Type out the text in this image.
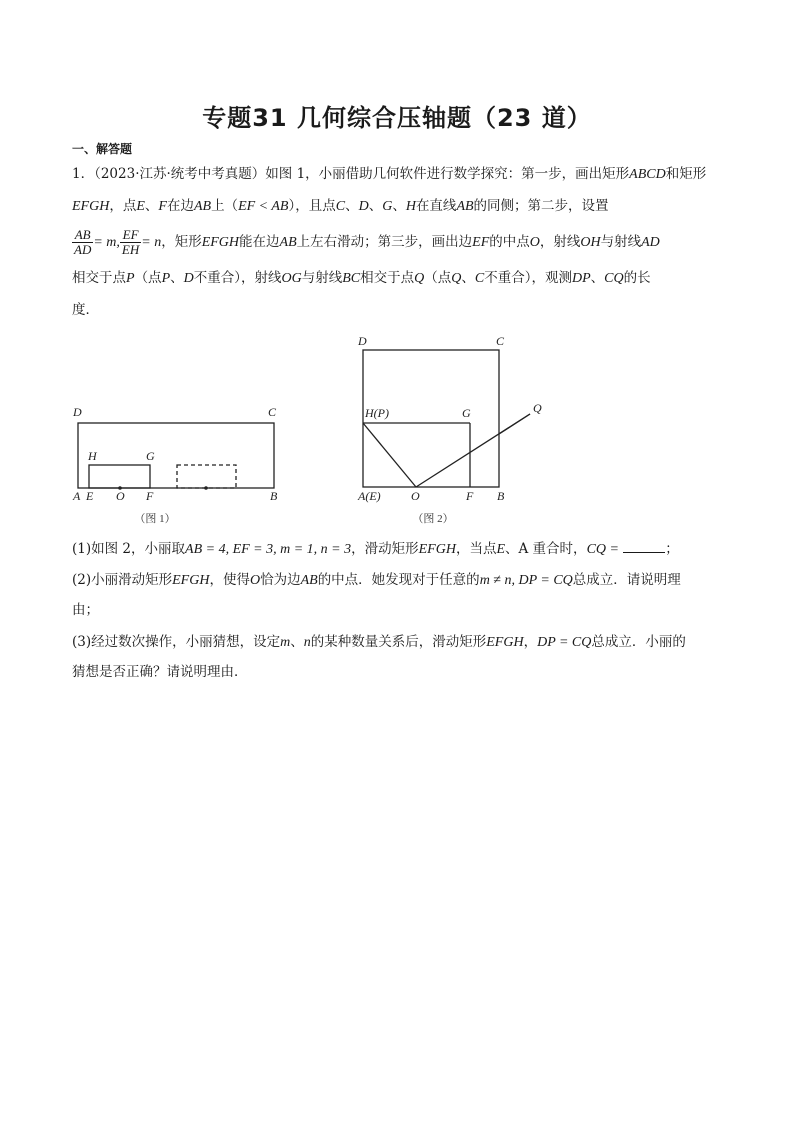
专题31 几何综合压轴题（23 道）
一、解答题
1．（2023·江苏·统考中考真题）如图 1，小丽借助几何软件进行数学探究：第一步，画出矩形ABCD和矩形
EFGH，点E、F在边AB上（EF < AB），且点C、D、G、H在直线AB的同侧；第二步，设置
$\frac{AB}{AD} = m$, $\frac{EF}{EH} = n$，矩形EFGH能在边AB上左右滑动；第三步，画出边EF的中点O，射线OH与射线AD
相交于点P（点P、D不重合），射线OG与射线BC相交于点Q（点Q、C不重合），观测DP、CQ的长
度．
D	C
H	G
A E O F	B
（图 1）
D	C
H(P)	G	Q
A(E)	O	F B
（图 2）
(1)如图 2，小丽取AB = 4, EF = 3, m = 1, n = 3，滑动矩形EFGH，当点E、A 重合时，CQ =	；
(2)小丽滑动矩形EFGH，使得O恰为边AB的中点．她发现对于任意的m ≠ n, DP = CQ总成立．请说明理
由；
(3)经过数次操作，小丽猜想，设定m、n的某种数量关系后，滑动矩形EFGH，DP = CQ总成立．小丽的
猜想是否正确？请说明理由．
